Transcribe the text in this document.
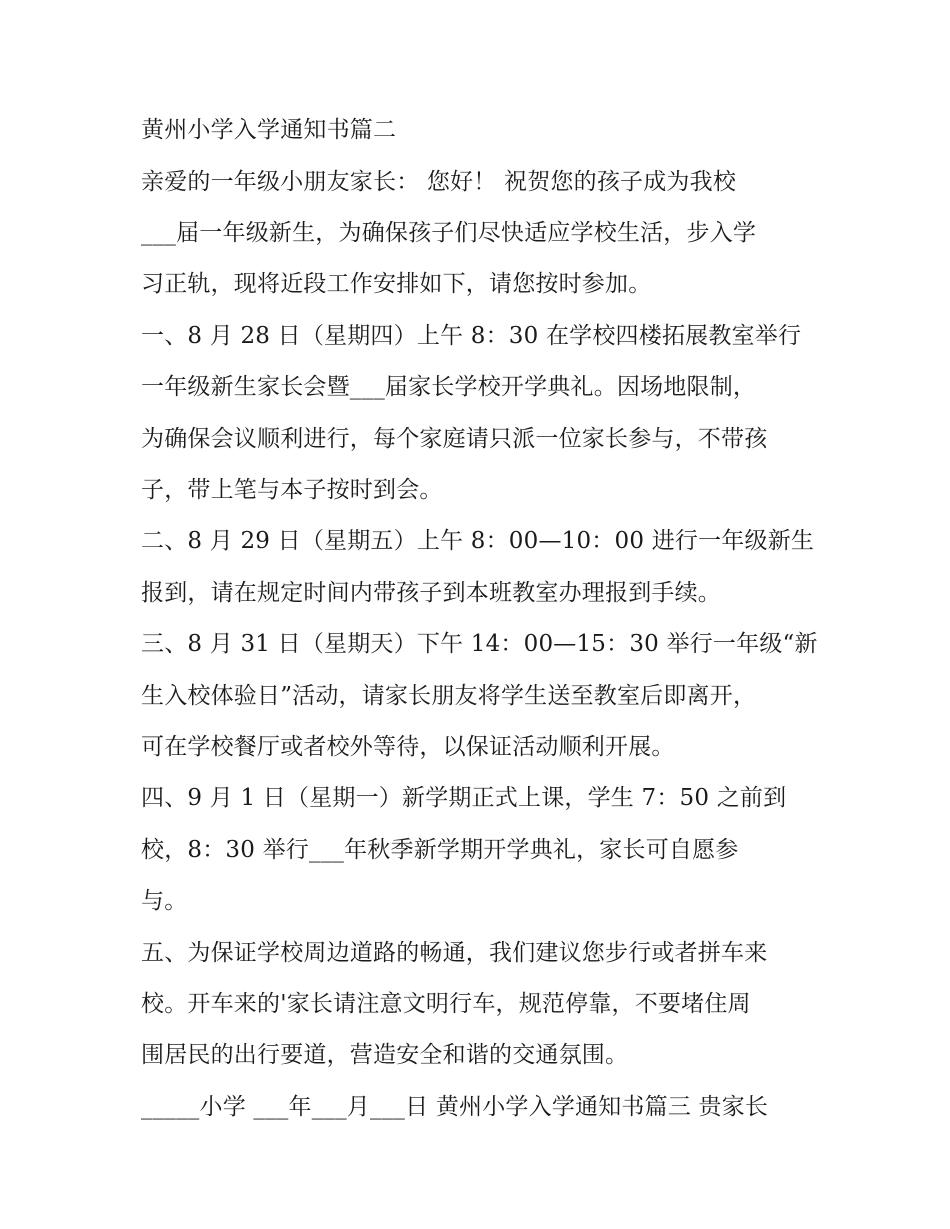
黄州小学入学通知书篇二
亲爱的一年级小朋友家长： 您好！ 祝贺您的孩子成为我校
___届一年级新生，为确保孩子们尽快适应学校生活，步入学
习正轨，现将近段工作安排如下，请您按时参加。
一、8 月 28 日（星期四）上午 8：30 在学校四楼拓展教室举行
一年级新生家长会暨___届家长学校开学典礼。因场地限制，
为确保会议顺利进行，每个家庭请只派一位家长参与，不带孩
子，带上笔与本子按时到会。
二、8 月 29 日（星期五）上午 8：00—10：00 进行一年级新生
报到，请在规定时间内带孩子到本班教室办理报到手续。
三、8 月 31 日（星期天）下午 14：00—15：30 举行一年级“新
生入校体验日”活动，请家长朋友将学生送至教室后即离开，
可在学校餐厅或者校外等待，以保证活动顺利开展。
四、9 月 1 日（星期一）新学期正式上课，学生 7：50 之前到
校，8：30 举行___年秋季新学期开学典礼，家长可自愿参
与。
五、为保证学校周边道路的畅通，我们建议您步行或者拼车来
校。开车来的'家长请注意文明行车，规范停靠，不要堵住周
围居民的出行要道，营造安全和谐的交通氛围。
_____小学 ___年___月___日 黄州小学入学通知书篇三 贵家长
